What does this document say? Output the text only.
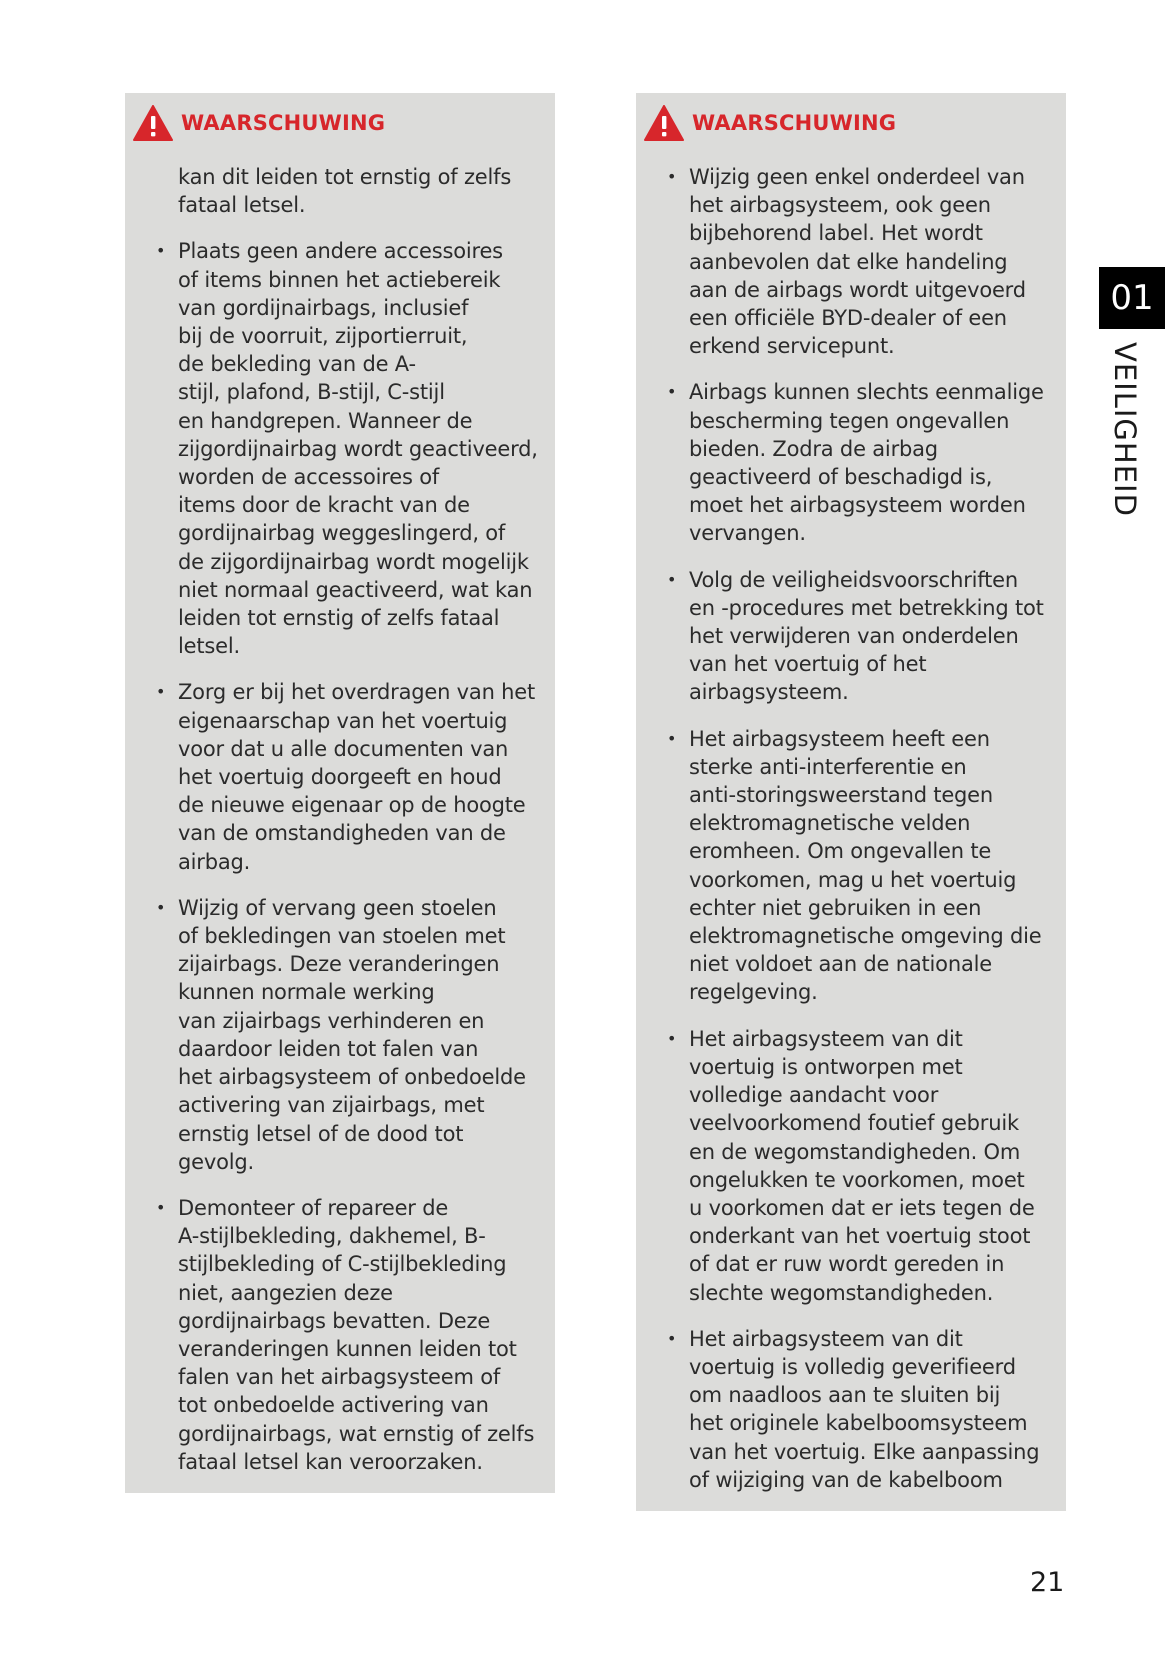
WAARSCHUWING

kan dit leiden tot ernstig of zelfs
fataal letsel.

• Plaats geen andere accessoires
of items binnen het actiebereik
van gordijnairbags, inclusief
bij de voorruit, zijportierruit,
de bekleding van de A-
stijl, plafond, B-stijl, C-stijl
en handgrepen. Wanneer de
zijgordijnairbag wordt geactiveerd,
worden de accessoires of
items door de kracht van de
gordijnairbag weggeslingerd, of
de zijgordijnairbag wordt mogelijk
niet normaal geactiveerd, wat kan
leiden tot ernstig of zelfs fataal
letsel.
• Zorg er bij het overdragen van het
eigenaarschap van het voertuig
voor dat u alle documenten van
het voertuig doorgeeft en houd
de nieuwe eigenaar op de hoogte
van de omstandigheden van de
airbag.
• Wijzig of vervang geen stoelen
of bekledingen van stoelen met
zijairbags. Deze veranderingen
kunnen normale werking
van zijairbags verhinderen en
daardoor leiden tot falen van
het airbagsysteem of onbedoelde
activering van zijairbags, met
ernstig letsel of de dood tot
gevolg.
• Demonteer of repareer de
A-stijlbekleding, dakhemel, B-
stijlbekleding of C-stijlbekleding
niet, aangezien deze
gordijnairbags bevatten. Deze
veranderingen kunnen leiden tot
falen van het airbagsysteem of
tot onbedoelde activering van
gordijnairbags, wat ernstig of zelfs
fataal letsel kan veroorzaken.
WAARSCHUWING
• Wijzig geen enkel onderdeel van
het airbagsysteem, ook geen
bijbehorend label. Het wordt
aanbevolen dat elke handeling
aan de airbags wordt uitgevoerd
een officiële BYD-dealer of een
erkend servicepunt.
• Airbags kunnen slechts eenmalige
bescherming tegen ongevallen
bieden. Zodra de airbag
geactiveerd of beschadigd is,
moet het airbagsysteem worden
vervangen.
• Volg de veiligheidsvoorschriften
en -procedures met betrekking tot
het verwijderen van onderdelen
van het voertuig of het
airbagsysteem.
• Het airbagsysteem heeft een
sterke anti-interferentie en
anti-storingsweerstand tegen
elektromagnetische velden
eromheen. Om ongevallen te
voorkomen, mag u het voertuig
echter niet gebruiken in een
elektromagnetische omgeving die
niet voldoet aan de nationale
regelgeving.
• Het airbagsysteem van dit
voertuig is ontworpen met
volledige aandacht voor
veelvoorkomend foutief gebruik
en de wegomstandigheden. Om
ongelukken te voorkomen, moet
u voorkomen dat er iets tegen de
onderkant van het voertuig stoot
of dat er ruw wordt gereden in
slechte wegomstandigheden.
• Het airbagsysteem van dit
voertuig is volledig geverifieerd
om naadloos aan te sluiten bij
het originele kabelboomsysteem
van het voertuig. Elke aanpassing
of wijziging van de kabelboom
01
VEILIGHEID
21
